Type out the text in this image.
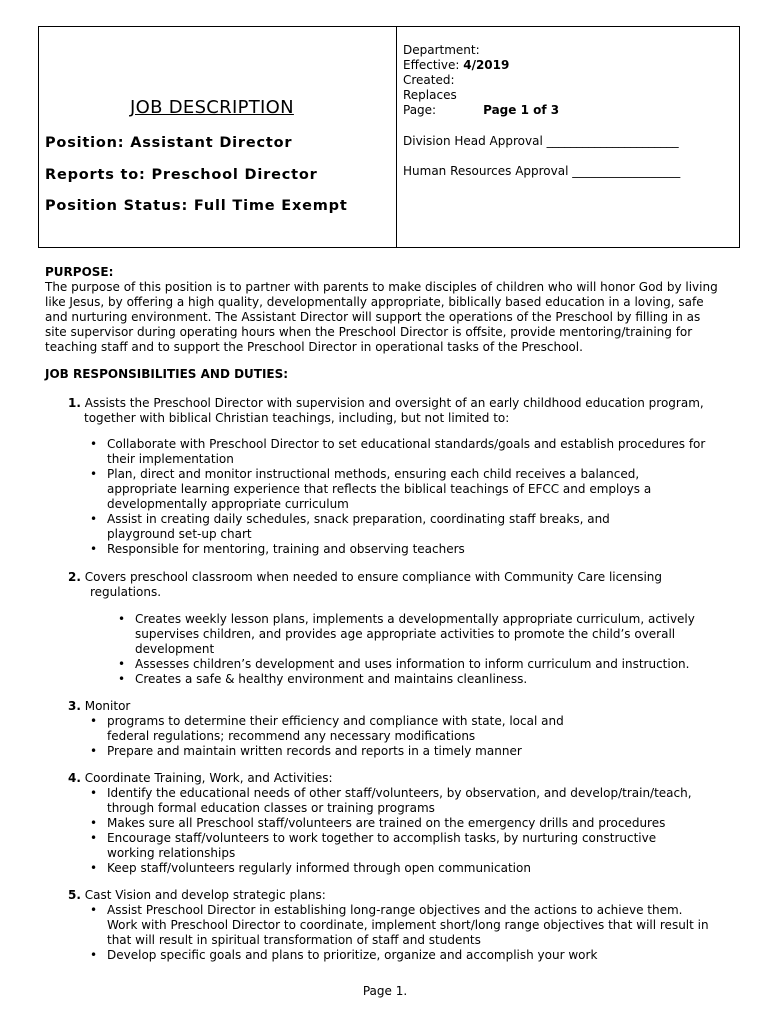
JOB DESCRIPTION
Position: Assistant Director
Reports to: Preschool Director
Position Status: Full Time Exempt
Department:
Effective: 4/2019
Created:
Replaces
Page:	Page 1 of 3
Division Head Approval ______________________
Human Resources Approval __________________
PURPOSE:
The purpose of this position is to partner with parents to make disciples of children who will honor God by living
like Jesus, by offering a high quality, developmentally appropriate, biblically based education in a loving, safe
and nurturing environment. The Assistant Director will support the operations of the Preschool by filling in as
site supervisor during operating hours when the Preschool Director is offsite, provide mentoring/training for
teaching staff and to support the Preschool Director in operational tasks of the Preschool.
JOB RESPONSIBILITIES AND DUTIES:
1. Assists the Preschool Director with supervision and oversight of an early childhood education program,
together with biblical Christian teachings, including, but not limited to:
• Collaborate with Preschool Director to set educational standards/goals and establish procedures for
their implementation
• Plan, direct and monitor instructional methods, ensuring each child receives a balanced,
appropriate learning experience that reflects the biblical teachings of EFCC and employs a
developmentally appropriate curriculum
• Assist in creating daily schedules, snack preparation, coordinating staff breaks, and
playground set-up chart
• Responsible for mentoring, training and observing teachers
2. Covers preschool classroom when needed to ensure compliance with Community Care licensing
regulations.
• Creates weekly lesson plans, implements a developmentally appropriate curriculum, actively
supervises children, and provides age appropriate activities to promote the child’s overall
development
• Assesses children’s development and uses information to inform curriculum and instruction.
• Creates a safe & healthy environment and maintains cleanliness.
3. Monitor
• programs to determine their efficiency and compliance with state, local and
federal regulations; recommend any necessary modifications
• Prepare and maintain written records and reports in a timely manner
4. Coordinate Training, Work, and Activities:
• Identify the educational needs of other staff/volunteers, by observation, and develop/train/teach,
through formal education classes or training programs
• Makes sure all Preschool staff/volunteers are trained on the emergency drills and procedures
• Encourage staff/volunteers to work together to accomplish tasks, by nurturing constructive
working relationships
• Keep staff/volunteers regularly informed through open communication
5. Cast Vision and develop strategic plans:
• Assist Preschool Director in establishing long-range objectives and the actions to achieve them.
Work with Preschool Director to coordinate, implement short/long range objectives that will result in
that will result in spiritual transformation of staff and students
• Develop specific goals and plans to prioritize, organize and accomplish your work
Page 1.
